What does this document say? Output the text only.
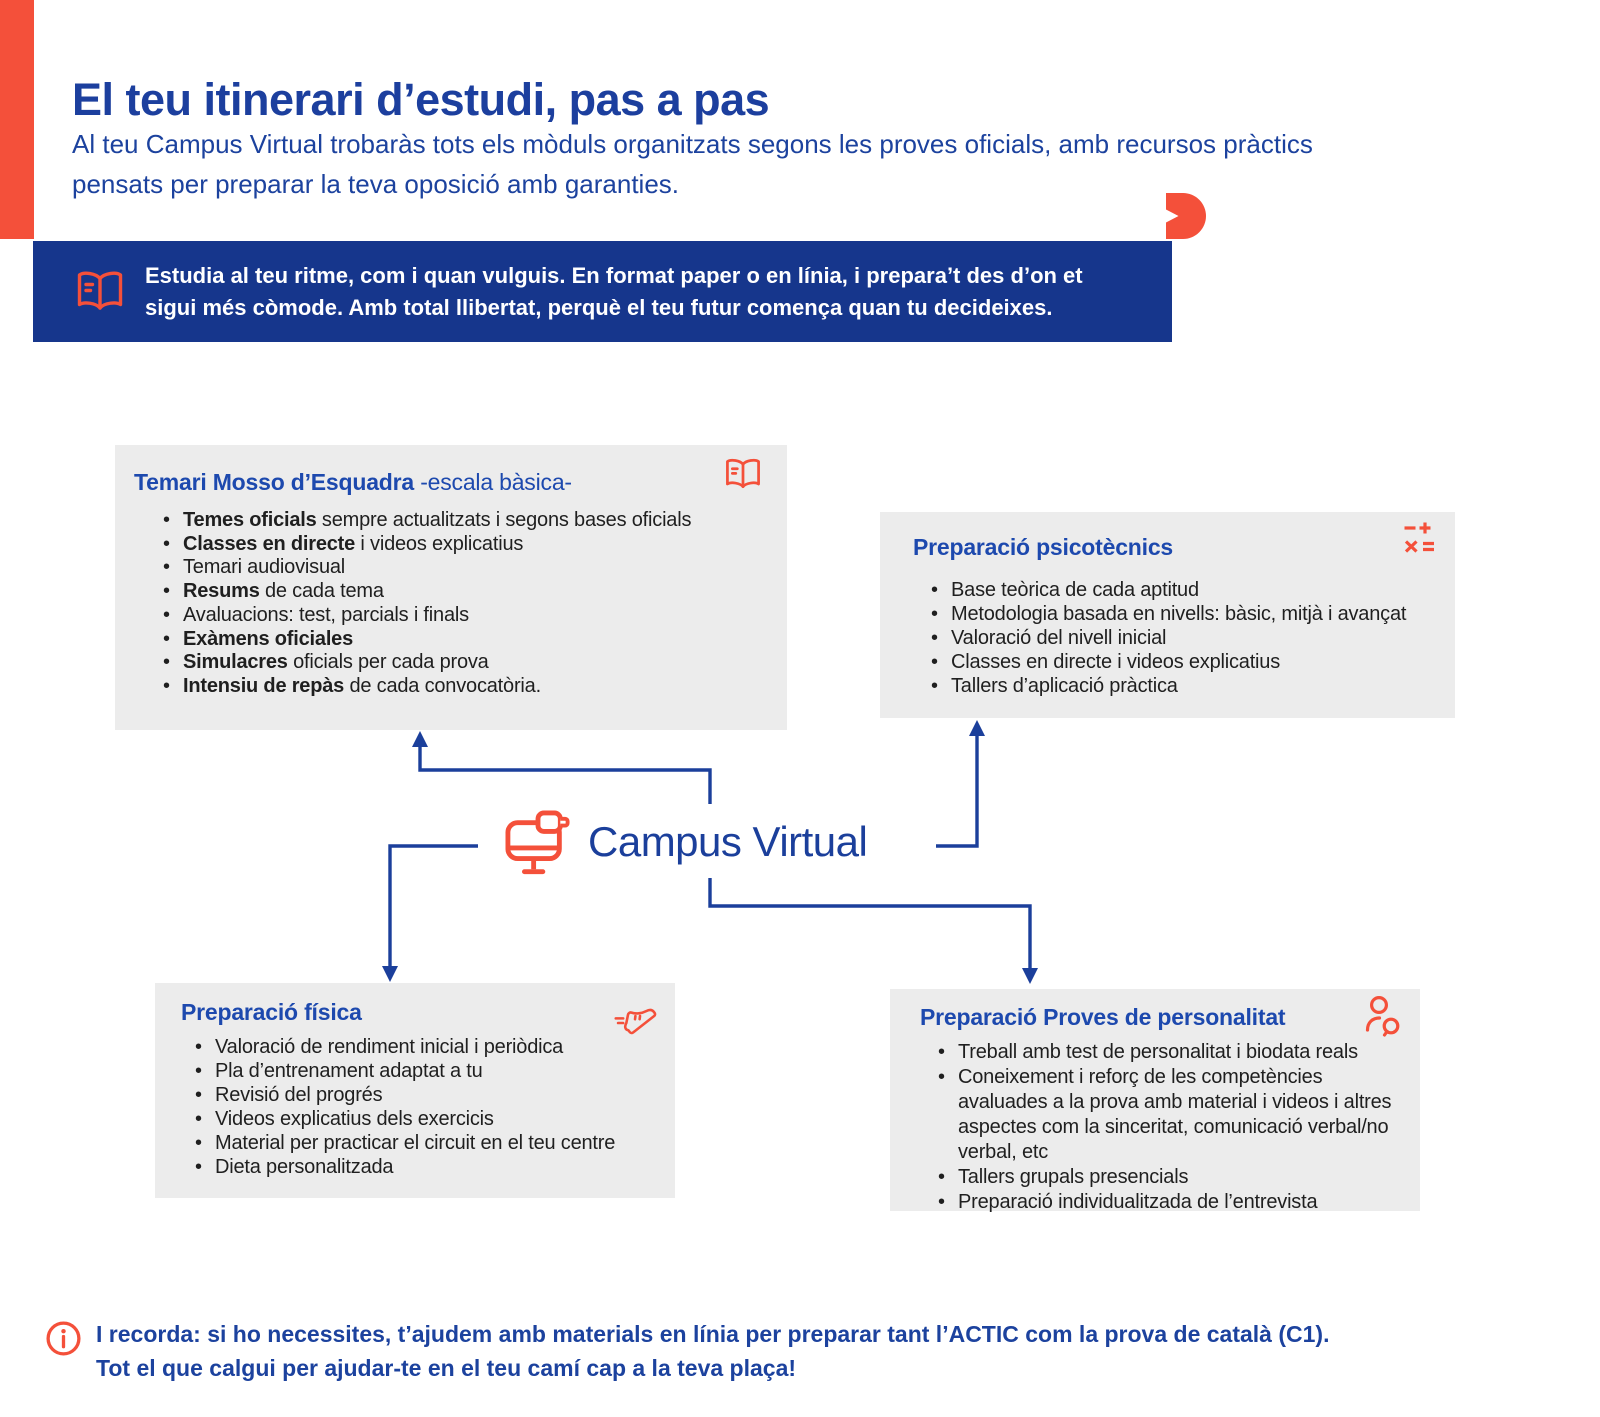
El teu itinerari d’estudi, pas a pas
Al teu Campus Virtual trobaràs tots els mòduls organitzats segons les proves oficials, amb recursos pràctics
pensats per preparar la teva oposició amb garanties.
Estudia al teu ritme, com i quan vulguis. En format paper o en línia, i prepara’t des d’on et
sigui més còmode. Amb total llibertat, perquè el teu futur comença quan tu decideixes.
Temari Mosso d’Esquadra -escala bàsica-
• Temes oficials sempre actualitzats i segons bases oficials
• Classes en directe i videos explicatius
• Temari audiovisual
• Resums de cada tema
• Avaluacions: test, parcials i finals
• Exàmens oficiales
• Simulacres oficials per cada prova
• Intensiu de repàs de cada convocatòria.
Preparació psicotècnics
• Base teòrica de cada aptitud
• Metodologia basada en nivells: bàsic, mitjà i avançat
• Valoració del nivell inicial
• Classes en directe i videos explicatius
• Tallers d’aplicació pràctica
Preparació física
• Valoració de rendiment inicial i periòdica
• Pla d’entrenament adaptat a tu
• Revisió del progrés
• Videos explicatius dels exercicis
• Material per practicar el circuit en el teu centre
• Dieta personalitzada
Preparació Proves de personalitat
• Treball amb test de personalitat i biodata reals
• Coneixement i reforç de les competències avaluades a la prova amb material i videos i altres aspectes com la sinceritat, comunicació verbal/no verbal, etc
• Tallers grupals presencials
• Preparació individualitzada de l’entrevista
Campus Virtual
I recorda: si ho necessites, t’ajudem amb materials en línia per preparar tant l’ACTIC com la prova de català (C1).
Tot el que calgui per ajudar-te en el teu camí cap a la teva plaça!
